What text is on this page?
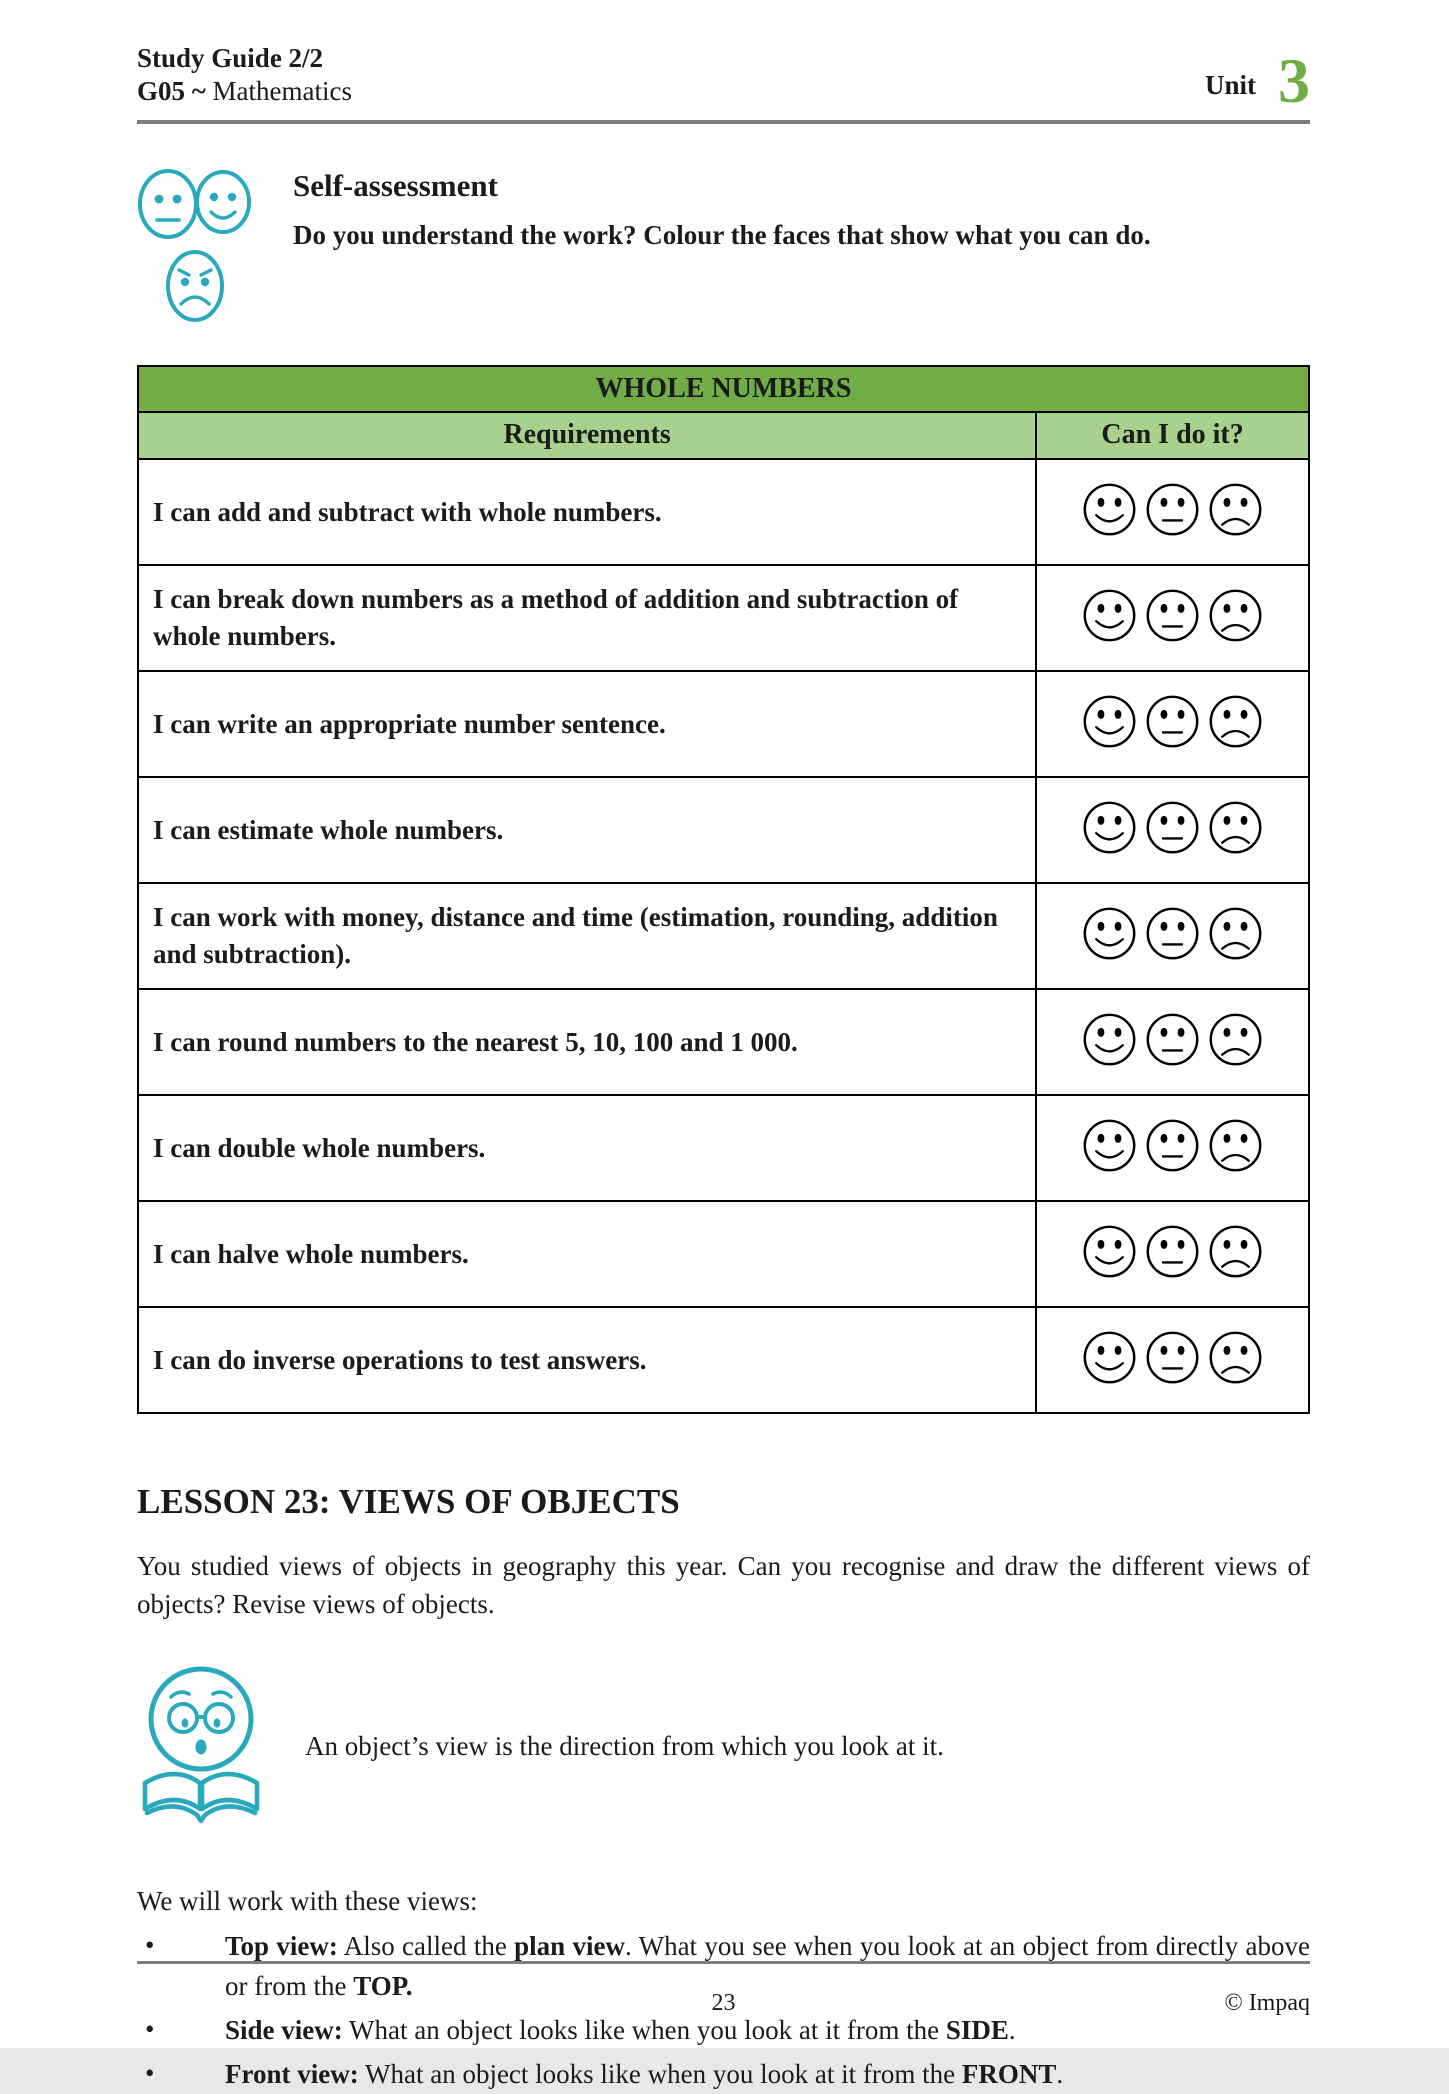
Study Guide 2/2
G05 ~ Mathematics	Unit 3
Self-assessment
Do you understand the work? Colour the faces that show what you can do.
WHOLE NUMBERS	
Requirements	Can I do it?
I can add and subtract with whole numbers.	

I can break down numbers as a method of addition and subtraction of whole numbers.	

I can write an appropriate number sentence.	

I can estimate whole numbers.	

I can work with money, distance and time (estimation, rounding, addition and subtraction).	

I can round numbers to the nearest 5, 10, 100 and 1 000.	

I can double whole numbers.	

I can halve whole numbers.	

I can do inverse operations to test answers.	
LESSON 23: VIEWS OF OBJECTS
You studied views of objects in geography this year. Can you recognise and draw the different views of objects? Revise views of objects.
An object’s view is the direction from which you look at it.
We will work with these views:
•	Top view: Also called the plan view. What you see when you look at an object from directly above or from the TOP.
•	Side view: What an object looks like when you look at it from the SIDE.
•	Front view: What an object looks like when you look at it from the FRONT.
23	© Impaq
